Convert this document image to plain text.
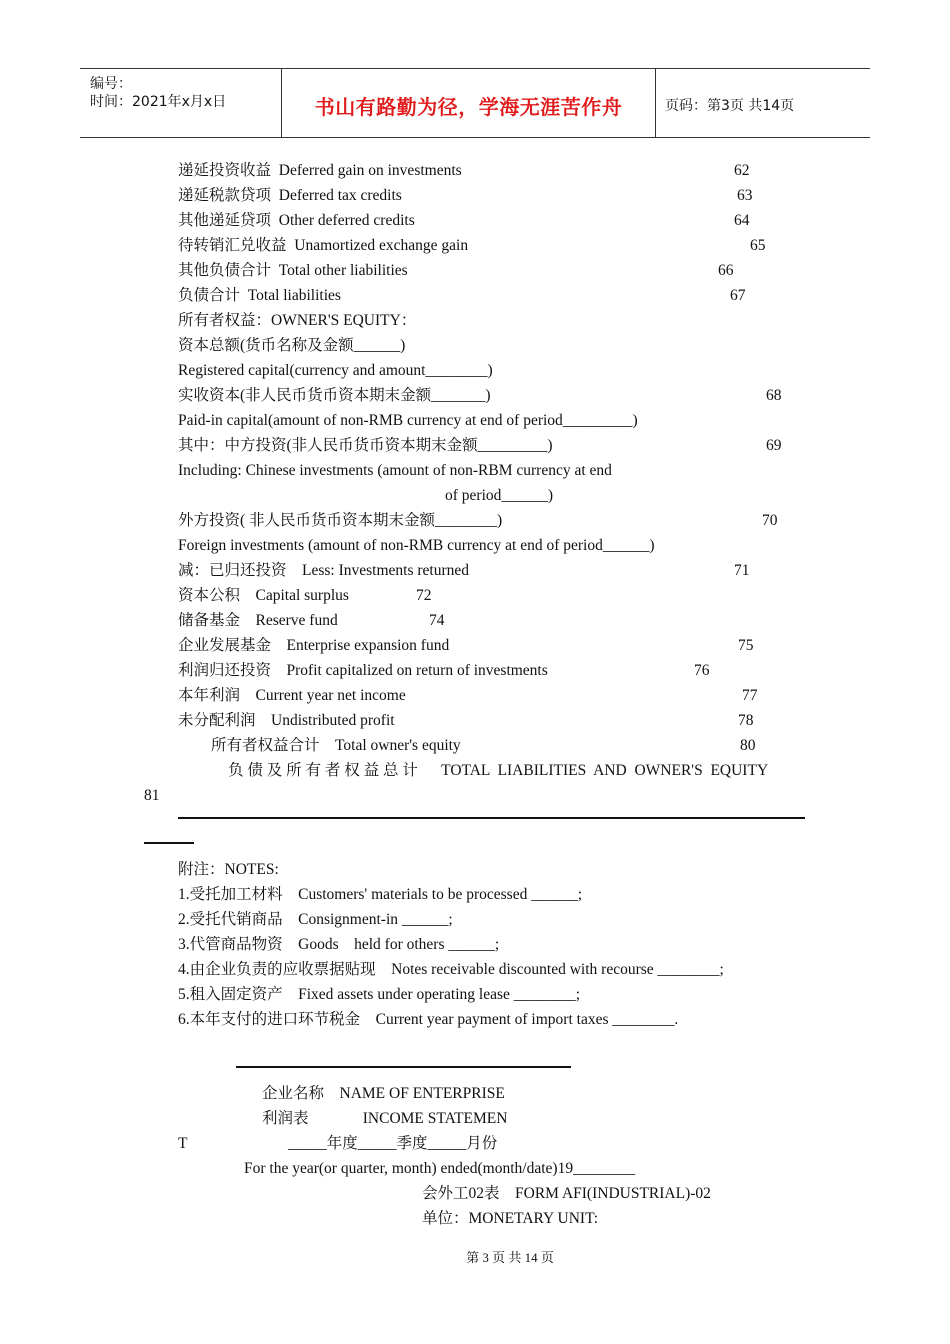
编号：
时间：2021年x月x日	书山有路勤为径，学海无涯苦作舟	页码：第3页 共14页
递延投资收益  Deferred gain on investments	62
递延税款贷项  Deferred tax credits	63
其他递延贷项  Other deferred credits	64
待转销汇兑收益  Unamortized exchange gain	65
其他负债合计  Total other liabilities	66
负债合计  Total liabilities	67
所有者权益：OWNER'S EQUITY：
资本总额(货币名称及金额______)
Registered capital(currency and amount________)
实收资本(非人民币货币资本期末金额_______)	68
Paid-in capital(amount of non-RMB currency at end of period_________)
其中：中方投资(非人民币货币资本期末金额_________)	69
Including: Chinese investments (amount of non-RBM currency at end
of period______)
外方投资( 非人民币货币资本期末金额________)	70
Foreign investments (amount of non-RMB currency at end of period______)
减：已归还投资    Less: Investments returned	71
资本公积    Capital surplus	72
储备基金    Reserve fund	74
企业发展基金    Enterprise expansion fund	75
利润归还投资    Profit capitalized on return of investments	76
本年利润    Current year net income	77
未分配利润    Undistributed profit	78
所有者权益合计    Total owner's equity	80
负 债 及 所 有 者 权 益 总 计      TOTAL  LIABILITIES  AND  OWNER'S  EQUITY
81
附注：NOTES:
1.受托加工材料    Customers' materials to be processed ______;
2.受托代销商品    Consignment-in ______;
3.代管商品物资    Goods    held for others ______;
4.由企业负责的应收票据贴现    Notes receivable discounted with recourse ________;
5.租入固定资产    Fixed assets under operating lease ________;
6.本年支付的进口环节税金    Current year payment of import taxes ________.
企业名称    NAME OF ENTERPRISE
利润表              INCOME STATEMEN
T	_____年度_____季度_____月份
For the year(or quarter, month) ended(month/date)19________
会外工02表    FORM AFI(INDUSTRIAL)-02
单位：MONETARY UNIT:
第 3 页 共 14 页
